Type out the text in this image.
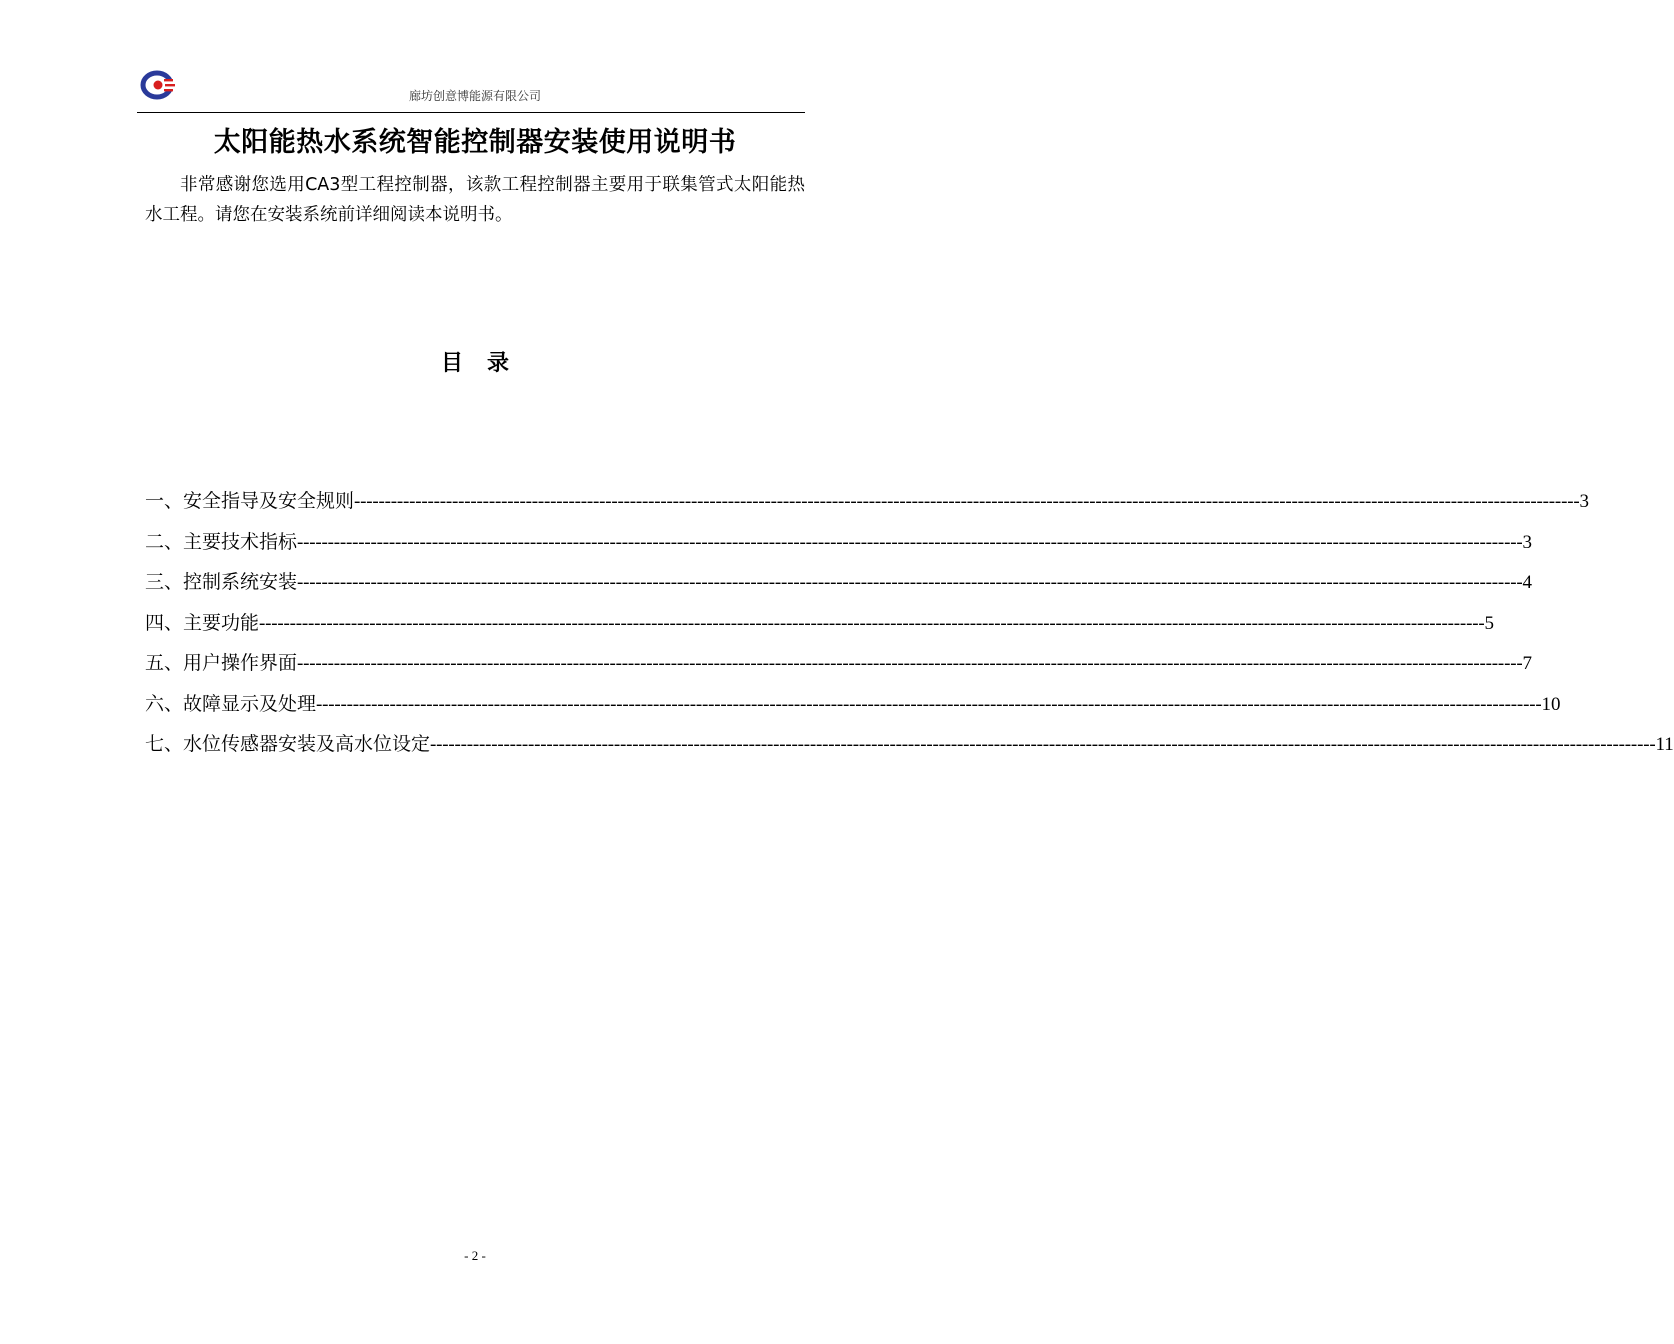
廊坊创意博能源有限公司
太阳能热水系统智能控制器安装使用说明书

非常感谢您选用CA3型工程控制器，该款工程控制器主要用于联集管式太阳能热水工程。请您在安装系统前详细阅读本说明书。

目录
一、安全指导及安全规则 -------------------------------------------------------------------------------------------------------------------------------------------------------------------------------------------------------- 3
二、主要技术指标 -------------------------------------------------------------------------------------------------------------------------------------------------------------------------------------------------------- 3
三、控制系统安装 -------------------------------------------------------------------------------------------------------------------------------------------------------------------------------------------------------- 4
四、主要功能 -------------------------------------------------------------------------------------------------------------------------------------------------------------------------------------------------------- 5
五、用户操作界面 -------------------------------------------------------------------------------------------------------------------------------------------------------------------------------------------------------- 7
六、故障显示及处理 -------------------------------------------------------------------------------------------------------------------------------------------------------------------------------------------------------- 10
七、水位传感器安装及高水位设定 -------------------------------------------------------------------------------------------------------------------------------------------------------------------------------------------------------- 11
- 2 -
